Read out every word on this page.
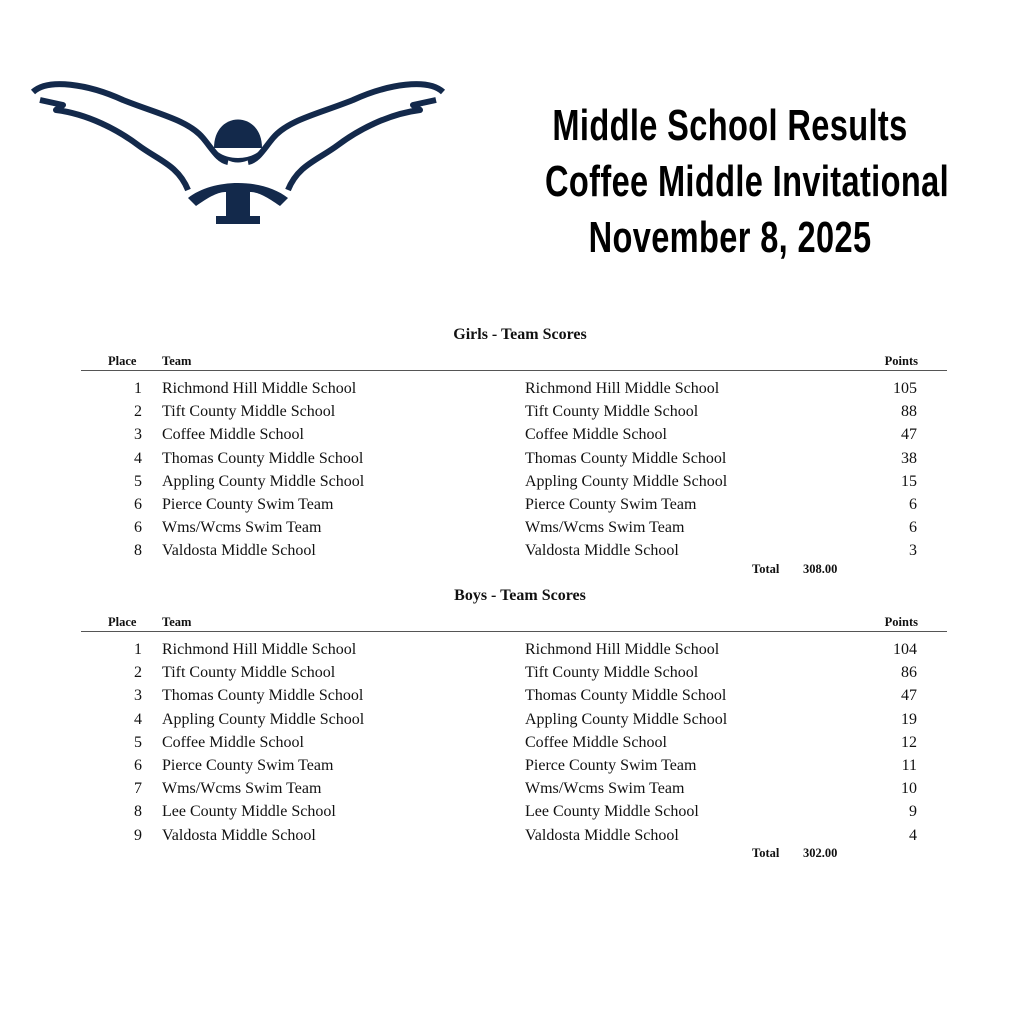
Middle School Results
Coffee Middle Invitational
November 8, 2025
Girls - Team Scores
Place Team	Points
1 Richmond Hill Middle School	Richmond Hill Middle School	105
2 Tift County Middle School	Tift County Middle School	88
3 Coffee Middle School	Coffee Middle School	47
4 Thomas County Middle School	Thomas County Middle School	38
5 Appling County Middle School	Appling County Middle School	15
6 Pierce County Swim Team	Pierce County Swim Team	6
6 Wms/Wcms Swim Team	Wms/Wcms Swim Team	6
8 Valdosta Middle School	Valdosta Middle School	3
Total 308.00
Boys - Team Scores
Place Team	Points
1 Richmond Hill Middle School	Richmond Hill Middle School	104
2 Tift County Middle School	Tift County Middle School	86
3 Thomas County Middle School	Thomas County Middle School	47
4 Appling County Middle School	Appling County Middle School	19
5 Coffee Middle School	Coffee Middle School	12
6 Pierce County Swim Team	Pierce County Swim Team	11
7 Wms/Wcms Swim Team	Wms/Wcms Swim Team	10
8 Lee County Middle School	Lee County Middle School	9
9 Valdosta Middle School	Valdosta Middle School	4
Total 302.00
